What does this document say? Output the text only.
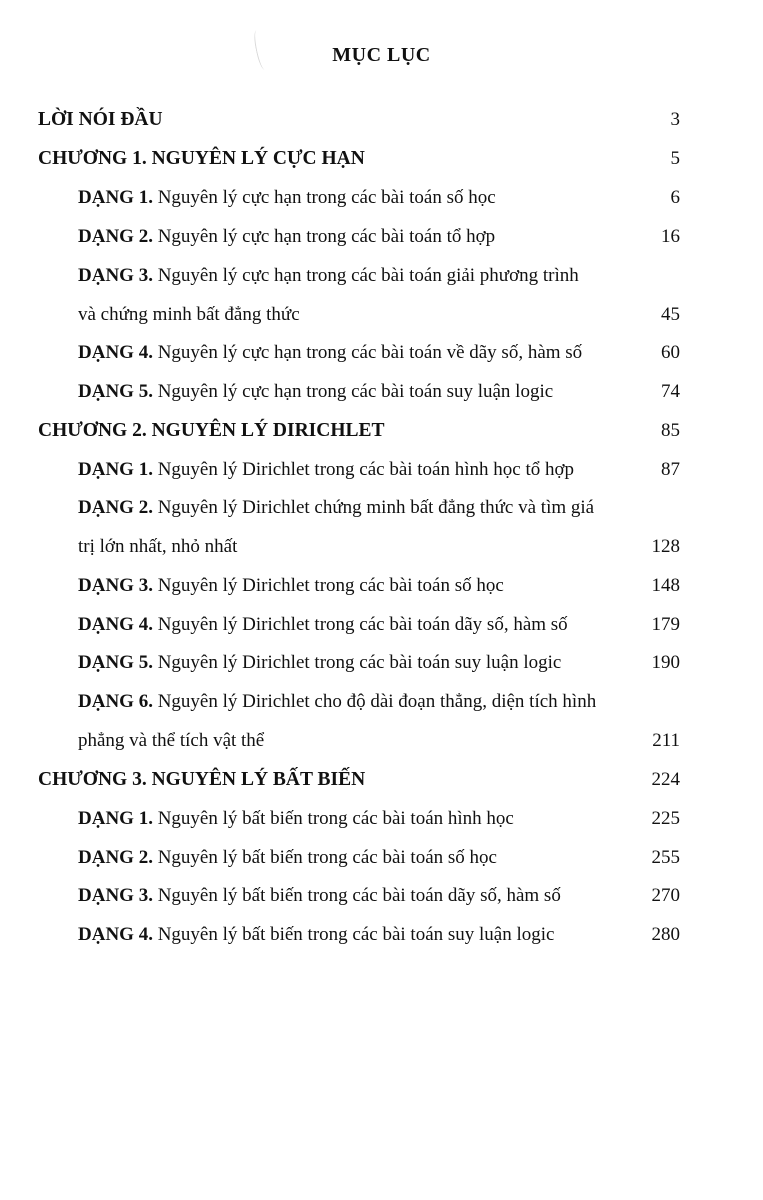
MỤC LỤC
LỜI NÓI ĐẦU	3
CHƯƠNG 1. NGUYÊN LÝ CỰC HẠN	5
DẠNG 1. Nguyên lý cực hạn trong các bài toán số học	6
DẠNG 2. Nguyên lý cực hạn trong các bài toán tổ hợp	16
DẠNG 3. Nguyên lý cực hạn trong các bài toán giải phương trình
và chứng minh bất đẳng thức	45
DẠNG 4. Nguyên lý cực hạn trong các bài toán về dãy số, hàm số	60
DẠNG 5. Nguyên lý cực hạn trong các bài toán suy luận logic	74
CHƯƠNG 2. NGUYÊN LÝ DIRICHLET	85
DẠNG 1. Nguyên lý Dirichlet trong các bài toán hình học tổ hợp	87
DẠNG 2. Nguyên lý Dirichlet chứng minh bất đẳng thức và tìm giá
trị lớn nhất, nhỏ nhất	128
DẠNG 3. Nguyên lý Dirichlet trong các bài toán số học	148
DẠNG 4. Nguyên lý Dirichlet trong các bài toán dãy số, hàm số	179
DẠNG 5. Nguyên lý Dirichlet trong các bài toán suy luận logic	190
DẠNG 6. Nguyên lý Dirichlet cho độ dài đoạn thẳng, diện tích hình
phẳng và thể tích vật thể	211
CHƯƠNG 3. NGUYÊN LÝ BẤT BIẾN	224
DẠNG 1. Nguyên lý bất biến trong các bài toán hình học	225
DẠNG 2. Nguyên lý bất biến trong các bài toán số học	255
DẠNG 3. Nguyên lý bất biến trong các bài toán dãy số, hàm số	270
DẠNG 4. Nguyên lý bất biến trong các bài toán suy luận logic	280
